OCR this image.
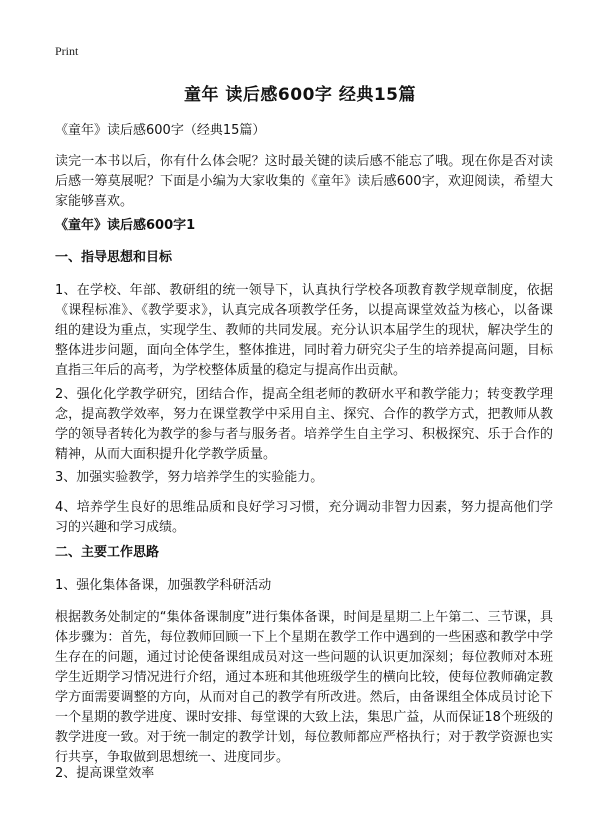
Print
童年 读后感600字 经典15篇

《童年》读后感600字（经典15篇）

读完一本书以后，你有什么体会呢？这时最关键的读后感不能忘了哦。现在你是否对读后感一筹莫展呢？下面是小编为大家收集的《童年》读后感600字，欢迎阅读，希望大家能够喜欢。

《童年》读后感600字1

一、指导思想和目标

1、在学校、年部、教研组的统一领导下，认真执行学校各项教育教学规章制度，依据《课程标准》、《教学要求》，认真完成各项教学任务，以提高课堂效益为核心，以备课组的建设为重点，实现学生、教师的共同发展。充分认识本届学生的现状，解决学生的整体进步问题，面向全体学生，整体推进，同时着力研究尖子生的培养提高问题，目标直指三年后的高考，为学校整体质量的稳定与提高作出贡献。

2、强化化学教学研究，团结合作，提高全组老师的教研水平和教学能力；转变教学理念，提高教学效率，努力在课堂教学中采用自主、探究、合作的教学方式，把教师从教学的领导者转化为教学的参与者与服务者。培养学生自主学习、积极探究、乐于合作的精神，从而大面积提升化学教学质量。

3、加强实验教学，努力培养学生的实验能力。

4、培养学生良好的思维品质和良好学习习惯，充分调动非智力因素，努力提高他们学习的兴趣和学习成绩。

二、主要工作思路

1、强化集体备课，加强教学科研活动

根据教务处制定的“集体备课制度”进行集体备课，时间是星期二上午第二、三节课，具体步骤为：首先，每位教师回顾一下上个星期在教学工作中遇到的一些困惑和教学中学生存在的问题，通过讨论使备课组成员对这一些问题的认识更加深刻；每位教师对本班学生近期学习情况进行介绍，通过本班和其他班级学生的横向比较，使每位教师确定教学方面需要调整的方向，从而对自己的教学有所改进。然后，由备课组全体成员讨论下一个星期的教学进度、课时安排、每堂课的大致上法，集思广益，从而保证18个班级的教学进度一致。对于统一制定的教学计划，每位教师都应严格执行；对于教学资源也实行共享，争取做到思想统一、进度同步。

2、提高课堂效率
